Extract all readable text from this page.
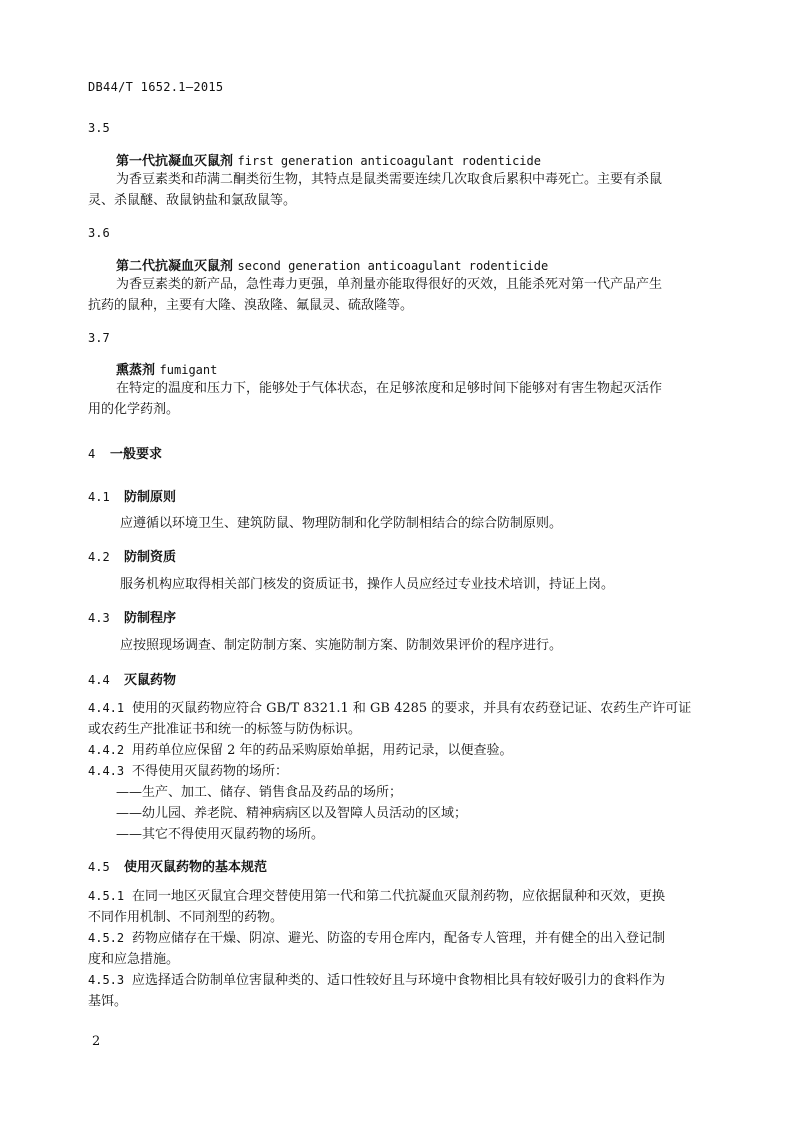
DB44/T 1652.1—2015
3.5
第一代抗凝血灭鼠剂 first generation anticoagulant rodenticide
为香豆素类和茚满二酮类衍生物，其特点是鼠类需要连续几次取食后累积中毒死亡。主要有杀鼠
灵、杀鼠醚、敌鼠钠盐和氯敌鼠等。
3.6
第二代抗凝血灭鼠剂 second generation anticoagulant rodenticide
为香豆素类的新产品，急性毒力更强，单剂量亦能取得很好的灭效，且能杀死对第一代产品产生
抗药的鼠种，主要有大隆、溴敌隆、氟鼠灵、硫敌隆等。
3.7
熏蒸剂 fumigant
在特定的温度和压力下，能够处于气体状态，在足够浓度和足够时间下能够对有害生物起灭活作
用的化学药剂。
4 一般要求
4.1 防制原则
应遵循以环境卫生、建筑防鼠、物理防制和化学防制相结合的综合防制原则。
4.2 防制资质
服务机构应取得相关部门核发的资质证书，操作人员应经过专业技术培训，持证上岗。
4.3 防制程序
应按照现场调查、制定防制方案、实施防制方案、防制效果评价的程序进行。
4.4 灭鼠药物
4.4.1 使用的灭鼠药物应符合 GB/T 8321.1 和 GB 4285 的要求，并具有农药登记证、农药生产许可证
或农药生产批准证书和统一的标签与防伪标识。
4.4.2 用药单位应保留 2 年的药品采购原始单据，用药记录，以便查验。
4.4.3 不得使用灭鼠药物的场所：
——生产、加工、储存、销售食品及药品的场所；
——幼儿园、养老院、精神病病区以及智障人员活动的区域；
——其它不得使用灭鼠药物的场所。
4.5 使用灭鼠药物的基本规范
4.5.1 在同一地区灭鼠宜合理交替使用第一代和第二代抗凝血灭鼠剂药物，应依据鼠种和灭效，更换
不同作用机制、不同剂型的药物。
4.5.2 药物应储存在干燥、阴凉、避光、防盗的专用仓库内，配备专人管理，并有健全的出入登记制
度和应急措施。
4.5.3 应选择适合防制单位害鼠种类的、适口性较好且与环境中食物相比具有较好吸引力的食料作为
基饵。
2
